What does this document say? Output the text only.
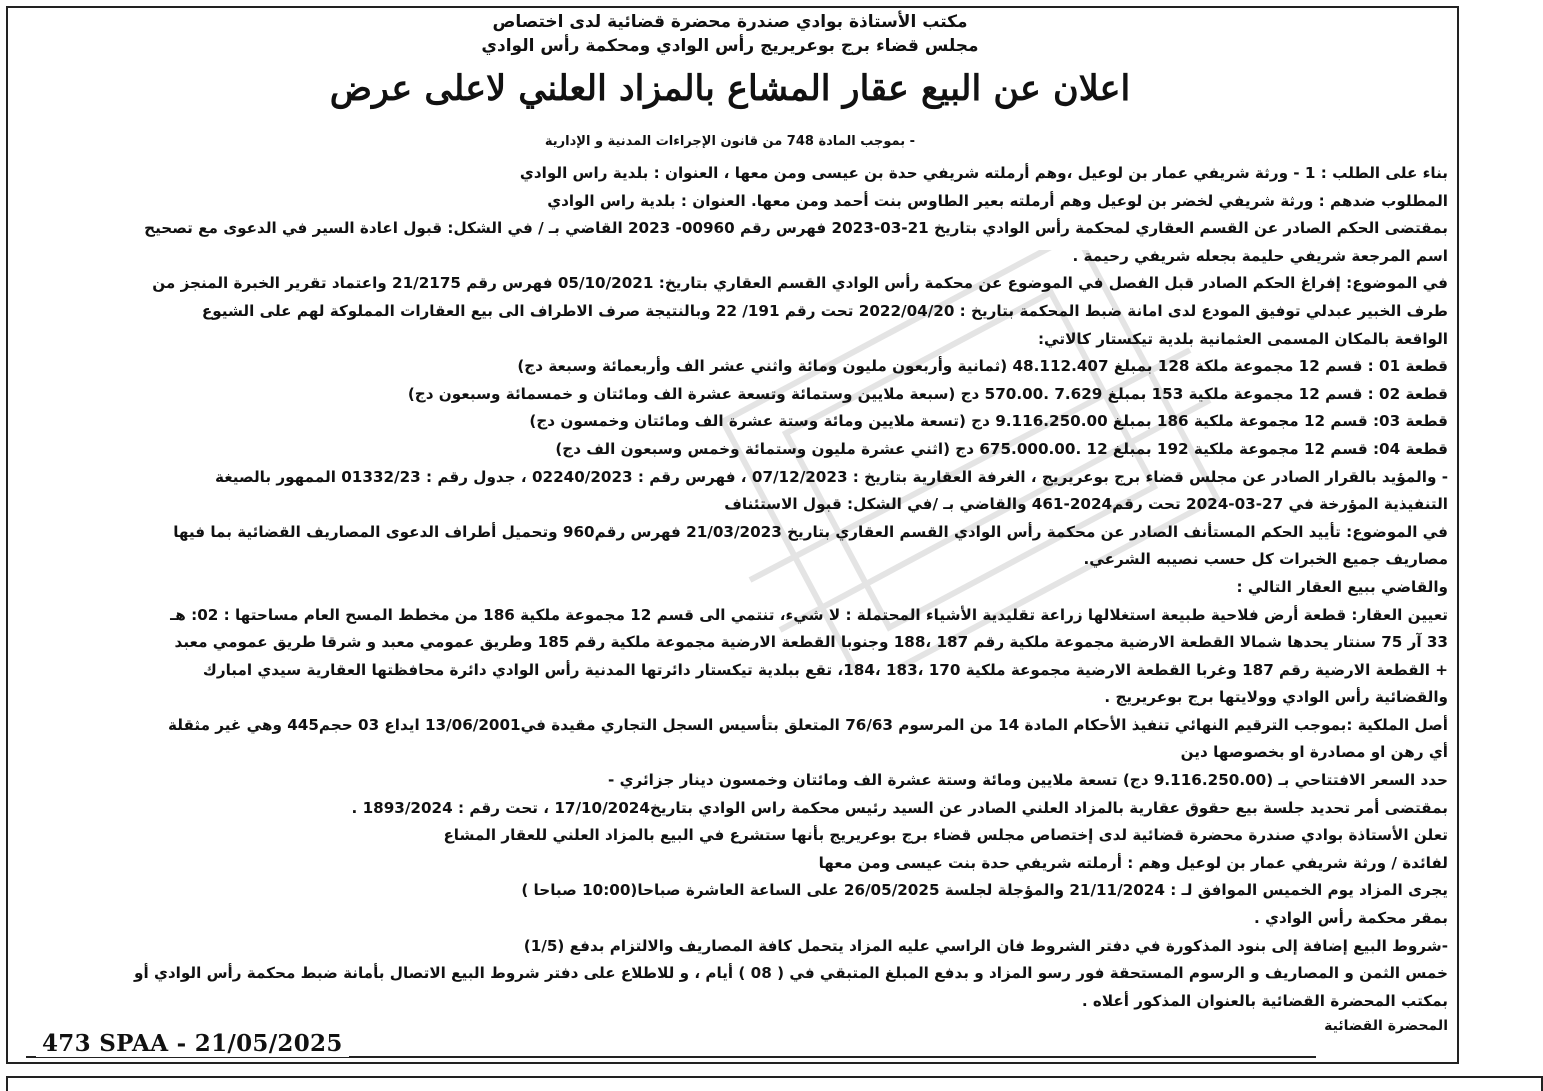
مكتب الأستاذة بوادي صندرة محضرة قضائية لدى اختصاص
مجلس قضاء برج بوعريريج رأس الوادي ومحكمة رأس الوادي
اعلان عن البيع عقار المشاع بالمزاد العلني لاعلى عرض
- بموجب المادة 748 من قانون الإجراءات المدنية و الإدارية
بناء على الطلب : 1 - ورثة شريفي عمار بن لوعيل ،وهم أرملته شريفي حدة بن عيسى ومن معها ، العنوان : بلدية راس الوادي
المطلوب ضدهم : ورثة شريفي لخضر بن لوعيل وهم أرملته بعير الطاوس بنت أحمد ومن معها. العنوان : بلدية راس الوادي
بمقتضى الحكم الصادر عن القسم العقاري لمحكمة رأس الوادي بتاريخ 21-03-2023 فهرس رقم 00960- 2023 القاضي بـ / في الشكل: قبول اعادة السير في الدعوى مع تصحيح
اسم المرجعة شريفي حليمة بجعله شريفي رحيمة .
في الموضوع: إفراغ الحكم الصادر قبل الفصل في الموضوع عن محكمة رأس الوادي القسم العقاري بتاريخ: 05/10/2021 فهرس رقم 21/2175 واعتماد تقرير الخبرة المنجز من
طرف الخبير عبدلي توفيق المودع لدى امانة ضبط المحكمة بتاريخ : 2022/04/20 تحت رقم 191/ 22 وبالنتيجة صرف الاطراف الى بيع العقارات المملوكة لهم على الشيوع
الواقعة بالمكان المسمى العثمانية بلدية تيكستار كالاتي:
قطعة 01 : قسم 12 مجموعة ملكة 128 بمبلغ 48.112.407 (ثمانية وأربعون مليون ومائة واثني عشر الف وأربعمائة وسبعة دج)
قطعة 02 : قسم 12 مجموعة ملكية 153 بمبلغ 7.629 .570.00 دج (سبعة ملايين وستمائة وتسعة عشرة الف ومائتان و خمسمائة وسبعون دج)
قطعة 03: قسم 12 مجموعة ملكية 186 بمبلغ 9.116.250.00 دج (تسعة ملايين ومائة وستة عشرة الف ومائتان وخمسون دج)
قطعة 04: قسم 12 مجموعة ملكية 192 بمبلغ 12 .675.000.00 دج (اثني عشرة مليون وستمائة وخمس وسبعون الف دج)
- والمؤيد بالقرار الصادر عن مجلس قضاء برج بوعريريج ، الغرفة العقارية بتاريخ : 07/12/2023 ، فهرس رقم : 02240/2023 ، جدول رقم : 01332/23 الممهور بالصيغة
التنفيذية المؤرخة في 27-03-2024 تحت رقم2024-461 والقاضي بـ /في الشكل: قبول الاستئناف
في الموضوع: تأييد الحكم المستأنف الصادر عن محكمة رأس الوادي القسم العقاري بتاريخ 21/03/2023 فهرس رقم960 وتحميل أطراف الدعوى المصاريف القضائية بما فيها
مصاريف جميع الخبرات كل حسب نصيبه الشرعي.
والقاضي ببيع العقار التالي :
تعيين العقار: قطعة أرض فلاحية طبيعة استغلالها زراعة تقليدية الأشياء المحتملة : لا شيء، تنتمي الى قسم 12 مجموعة ملكية 186 من مخطط المسح العام مساحتها : 02: هـ
33 آر 75 سنتار يحدها شمالا القطعة الارضية مجموعة ملكية رقم 187 ،188 وجنوبا القطعة الارضية مجموعة ملكية رقم 185 وطريق عمومي معبد و شرقا طريق عمومي معبد
+ القطعة الارضية رقم 187 وغربا القطعة الارضية مجموعة ملكية 170 ،183 ،184، تقع ببلدية تيكستار دائرتها المدنية رأس الوادي دائرة محافظتها العقارية سيدي امبارك
والقضائية رأس الوادي وولايتها برج بوعريريج .
أصل الملكية :بموجب الترقيم النهائي تنفيذ الأحكام المادة 14 من المرسوم 76/63 المتعلق بتأسيس السجل التجاري مقيدة في13/06/2001 ايداع 03 حجم445 وهي غير مثقلة
أي رهن او مصادرة او بخصوصها دين
حدد السعر الافتتاحي بـ (9.116.250.00 دج) تسعة ملايين ومائة وستة عشرة الف ومائتان وخمسون دينار جزائري -
بمقتضى أمر تحديد جلسة بيع حقوق عقارية بالمزاد العلني الصادر عن السيد رئيس محكمة راس الوادي بتاريخ17/10/2024 ، تحت رقم : 1893/2024 .
تعلن الأستاذة بوادي صندرة محضرة قضائية لدى إختصاص مجلس قضاء برج بوعريريج بأنها ستشرع في البيع بالمزاد العلني للعقار المشاع
لفائدة / ورثة شريفي عمار بن لوعيل وهم : أرملته شريفي حدة بنت عيسى ومن معها
يجرى المزاد يوم الخميس الموافق لـ : 21/11/2024 والمؤجلة لجلسة 26/05/2025 على الساعة العاشرة صباحا(10:00 صباحا )
بمقر محكمة رأس الوادي .
-شروط البيع إضافة إلى بنود المذكورة في دفتر الشروط فان الراسي عليه المزاد يتحمل كافة المصاريف والالتزام بدفع (1/5)
خمس الثمن و المصاريف و الرسوم المستحقة فور رسو المزاد و بدفع المبلغ المتبقي في ( 08 ) أيام ، و للاطلاع على دفتر شروط البيع الاتصال بأمانة ضبط محكمة رأس الوادي أو
بمكتب المحضرة القضائية بالعنوان المذكور أعلاه .
المحضرة القضائية
473 SPAA - 21/05/2025
